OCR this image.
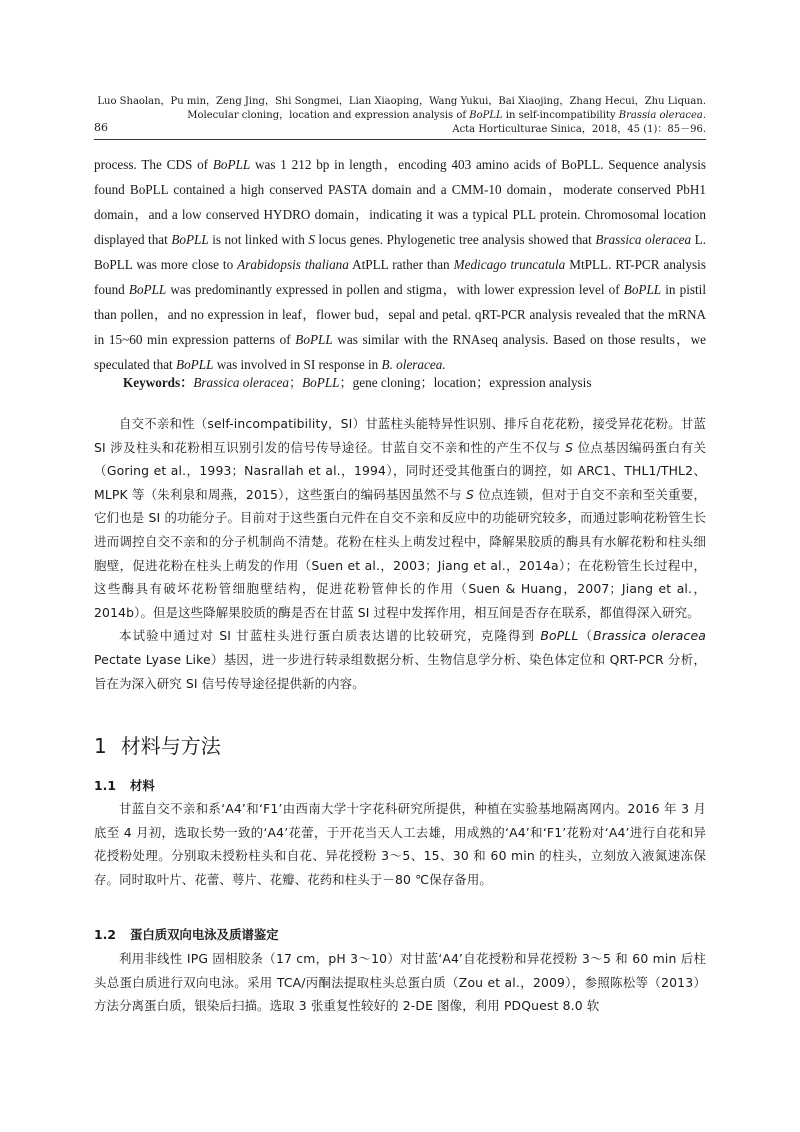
Luo Shaolan，Pu min，Zeng Jing，Shi Songmei，Lian Xiaoping，Wang Yukui，Bai Xiaojing，Zhang Hecui，Zhu Liquan.
Molecular cloning，location and expression analysis of BoPLL in self-incompatibility Brassia oleracea.
Acta Horticulturae Sinica，2018，45 (1)：85－96.
86

process. The CDS of BoPLL was 1 212 bp in length，encoding 403 amino acids of BoPLL. Sequence analysis found BoPLL contained a high conserved PASTA domain and a CMM-10 domain，moderate conserved PbH1 domain，and a low conserved HYDRO domain，indicating it was a typical PLL protein. Chromosomal location displayed that BoPLL is not linked with S locus genes. Phylogenetic tree analysis showed that Brassica oleracea L. BoPLL was more close to Arabidopsis thaliana AtPLL rather than Medicago truncatula MtPLL. RT-PCR analysis found BoPLL was predominantly expressed in pollen and stigma，with lower expression level of BoPLL in pistil than pollen，and no expression in leaf，flower bud，sepal and petal. qRT-PCR analysis revealed that the mRNA in 15~60 min expression patterns of BoPLL was similar with the RNAseq analysis. Based on those results，we speculated that BoPLL was involved in SI response in B. oleracea.

Keywords：Brassica oleracea；BoPLL；gene cloning；location；expression analysis

自交不亲和性（self-incompatibility，SI）甘蓝柱头能特异性识别、排斥自花花粉，接受异花花粉。甘蓝 SI 涉及柱头和花粉相互识别引发的信号传导途径。甘蓝自交不亲和性的产生不仅与 S 位点基因编码蛋白有关（Goring et al.，1993；Nasrallah et al.，1994），同时还受其他蛋白的调控，如 ARC1、THL1/THL2、MLPK 等（朱利泉和周燕，2015），这些蛋白的编码基因虽然不与 S 位点连锁，但对于自交不亲和至关重要，它们也是 SI 的功能分子。目前对于这些蛋白元件在自交不亲和反应中的功能研究较多，而通过影响花粉管生长进而调控自交不亲和的分子机制尚不清楚。花粉在柱头上萌发过程中，降解果胶质的酶具有水解花粉和柱头细胞壁，促进花粉在柱头上萌发的作用（Suen et al.，2003；Jiang et al.，2014a）；在花粉管生长过程中，这些酶具有破坏花粉管细胞壁结构，促进花粉管伸长的作用（Suen & Huang，2007；Jiang et al.，2014b）。但是这些降解果胶质的酶是否在甘蓝 SI 过程中发挥作用，相互间是否存在联系，都值得深入研究。

本试验中通过对 SI 甘蓝柱头进行蛋白质表达谱的比较研究，克隆得到 BoPLL（Brassica oleracea Pectate Lyase Like）基因，进一步进行转录组数据分析、生物信息学分析、染色体定位和 QRT-PCR 分析，旨在为深入研究 SI 信号传导途径提供新的内容。

1 材料与方法
1.1 材料

甘蓝自交不亲和系‘A4’和‘F1’由西南大学十字花科研究所提供，种植在实验基地隔离网内。2016 年 3 月底至 4 月初，选取长势一致的‘A4’花蕾，于开花当天人工去雄，用成熟的‘A4’和‘F1’花粉对‘A4’进行自花和异花授粉处理。分别取未授粉柱头和自花、异花授粉 3～5、15、30 和 60 min 的柱头，立刻放入液氮速冻保存。同时取叶片、花蕾、萼片、花瓣、花药和柱头于－80 ℃保存备用。

1.2 蛋白质双向电泳及质谱鉴定

利用非线性 IPG 固相胶条（17 cm，pH 3～10）对甘蓝‘A4’自花授粉和异花授粉 3～5 和 60 min 后柱头总蛋白质进行双向电泳。采用 TCA/丙酮法提取柱头总蛋白质（Zou et al.，2009），参照陈松等（2013）方法分离蛋白质，银染后扫描。选取 3 张重复性较好的 2-DE 图像，利用 PDQuest 8.0 软
